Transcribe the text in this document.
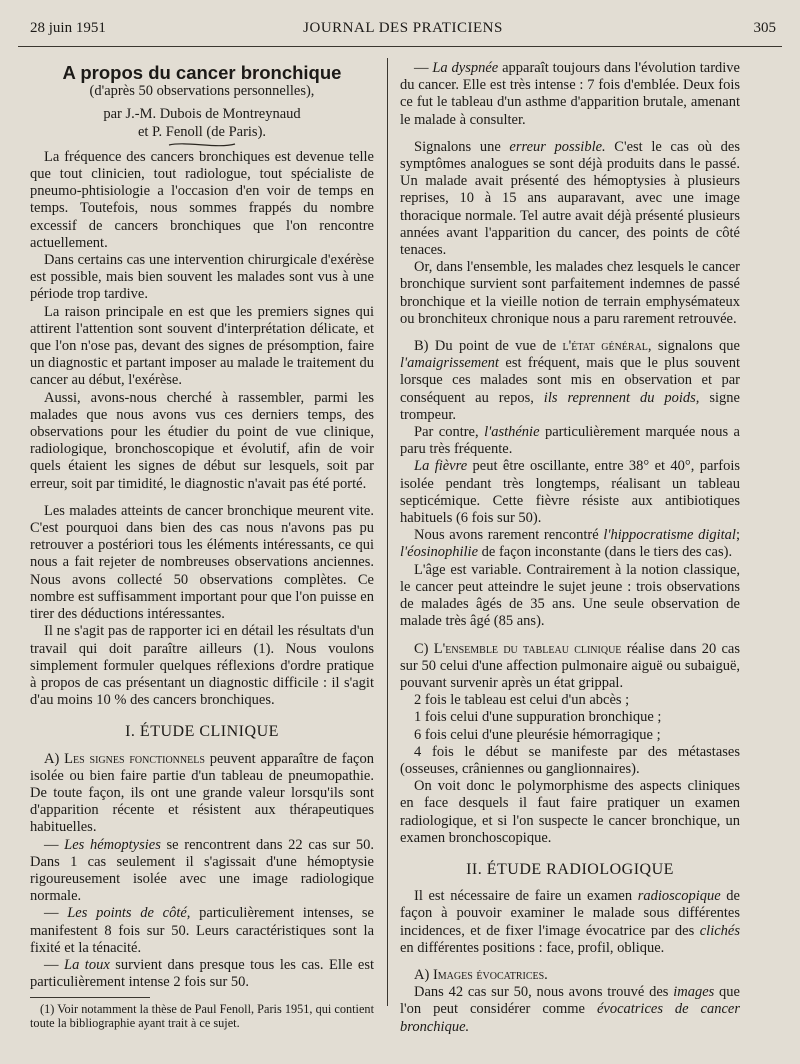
28 juin 1951	JOURNAL DES PRATICIENS	305

A propos du cancer bronchique

(d'après 50 observations personnelles),

par J.-M. Dubois de Montreynaud

et P. Fenoll (de Paris).

La fréquence des cancers bronchiques est devenue telle que tout clinicien, tout radiologue, tout spécialiste de pneumo-phtisiologie a l'occasion d'en voir de temps en temps. Toutefois, nous sommes frappés du nombre excessif de cancers bronchiques que l'on rencontre actuellement.

Dans certains cas une intervention chirurgicale d'exérèse est possible, mais bien souvent les malades sont vus à une période trop tardive.

La raison principale en est que les premiers signes qui attirent l'attention sont souvent d'interprétation délicate, et que l'on n'ose pas, devant des signes de présomption, faire un diagnostic et partant imposer au malade le traitement du cancer au début, l'exérèse.

Aussi, avons-nous cherché à rassembler, parmi les malades que nous avons vus ces derniers temps, des observations pour les étudier du point de vue clinique, radiologique, bronchoscopique et évolutif, afin de voir quels étaient les signes de début sur lesquels, soit par erreur, soit par timidité, le diagnostic n'avait pas été porté.

Les malades atteints de cancer bronchique meurent vite. C'est pourquoi dans bien des cas nous n'avons pas pu retrouver a postériori tous les éléments intéressants, ce qui nous a fait rejeter de nombreuses observations anciennes. Nous avons collecté 50 observations complètes. Ce nombre est suffisamment important pour que l'on puisse en tirer des déductions intéressantes.

Il ne s'agit pas de rapporter ici en détail les résultats d'un travail qui doit paraître ailleurs (1). Nous voulons simplement formuler quelques réflexions d'ordre pratique à propos de cas présentant un diagnostic difficile : il s'agit d'au moins 10 % des cancers bronchiques.

I. ÉTUDE CLINIQUE

A) Les signes fonctionnels peuvent apparaître de façon isolée ou bien faire partie d'un tableau de pneumopathie. De toute façon, ils ont une grande valeur lorsqu'ils sont d'apparition récente et résistent aux thérapeutiques habituelles.

— Les hémoptysies se rencontrent dans 22 cas sur 50. Dans 1 cas seulement il s'agissait d'une hémoptysie rigoureusement isolée avec une image radiologique normale.

— Les points de côté, particulièrement intenses, se manifestent 8 fois sur 50. Leurs caractéristiques sont la fixité et la ténacité.

— La toux survient dans presque tous les cas. Elle est particulièrement intense 2 fois sur 50.

(1) Voir notamment la thèse de Paul Fenoll, Paris 1951, qui contient toute la bibliographie ayant trait à ce sujet.

— La dyspnée apparaît toujours dans l'évolution tardive du cancer. Elle est très intense : 7 fois d'emblée. Deux fois ce fut le tableau d'un asthme d'apparition brutale, amenant le malade à consulter.

Signalons une erreur possible. C'est le cas où des symptômes analogues se sont déjà produits dans le passé. Un malade avait présenté des hémoptysies à plusieurs reprises, 10 à 15 ans auparavant, avec une image thoracique normale. Tel autre avait déjà présenté plusieurs années avant l'apparition du cancer, des points de côté tenaces.

Or, dans l'ensemble, les malades chez lesquels le cancer bronchique survient sont parfaitement indemnes de passé bronchique et la vieille notion de terrain emphysémateux ou bronchiteux chronique nous a paru rarement retrouvée.

B) Du point de vue de l'état général, signalons que l'amaigrissement est fréquent, mais que le plus souvent lorsque ces malades sont mis en observation et par conséquent au repos, ils reprennent du poids, signe trompeur.

Par contre, l'asthénie particulièrement marquée nous a paru très fréquente.

La fièvre peut être oscillante, entre 38° et 40°, parfois isolée pendant très longtemps, réalisant un tableau septicémique. Cette fièvre résiste aux antibiotiques habituels (6 fois sur 50).

Nous avons rarement rencontré l'hippocratisme digital; l'éosinophilie de façon inconstante (dans le tiers des cas).

L'âge est variable. Contrairement à la notion classique, le cancer peut atteindre le sujet jeune : trois observations de malades âgés de 35 ans. Une seule observation de malade très âgé (85 ans).

C) L'ensemble du tableau clinique réalise dans 20 cas sur 50 celui d'une affection pulmonaire aiguë ou subaiguë, pouvant survenir après un état grippal.

2 fois le tableau est celui d'un abcès ;

1 fois celui d'une suppuration bronchique ;

6 fois celui d'une pleurésie hémorragique ;

4 fois le début se manifeste par des métastases (osseuses, crâniennes ou ganglionnaires).

On voit donc le polymorphisme des aspects cliniques en face desquels il faut faire pratiquer un examen radiologique, et si l'on suspecte le cancer bronchique, un examen bronchoscopique.

II. ÉTUDE RADIOLOGIQUE

Il est nécessaire de faire un examen radioscopique de façon à pouvoir examiner le malade sous différentes incidences, et de fixer l'image évocatrice par des clichés en différentes positions : face, profil, oblique.

A) Images évocatrices.

Dans 42 cas sur 50, nous avons trouvé des images que l'on peut considérer comme évocatrices de cancer bronchique.
